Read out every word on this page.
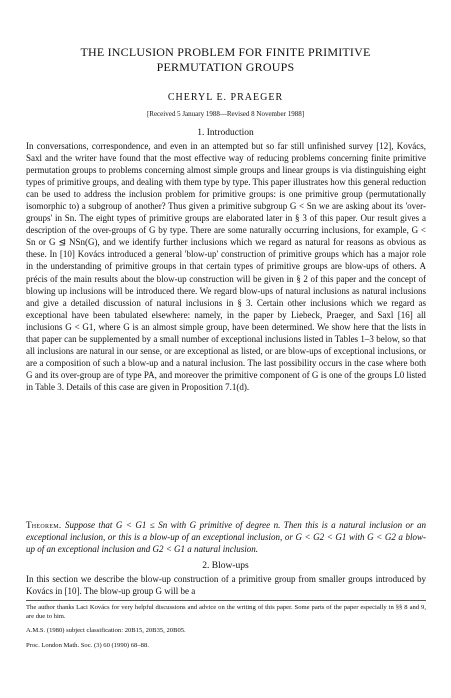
THE INCLUSION PROBLEM FOR FINITE PRIMITIVE
PERMUTATION GROUPS
CHERYL E. PRAEGER
[Received 5 January 1988—Revised 8 November 1988]
1. Introduction
In conversations, correspondence, and even in an attempted but so far still unfinished survey [12], Kovács, Saxl and the writer have found that the most effective way of reducing problems concerning finite primitive permutation groups to problems concerning almost simple groups and linear groups is via distinguishing eight types of primitive groups, and dealing with them type by type. This paper illustrates how this general reduction can be used to address the inclusion problem for primitive groups: is one primitive group (permutationally isomorphic to) a subgroup of another? Thus given a primitive subgroup G < Sn we are asking about its 'over-groups' in Sn. The eight types of primitive groups are elaborated later in § 3 of this paper. Our result gives a description of the over-groups of G by type. There are some naturally occurring inclusions, for example, G < Sn or G ⊴ NSn(G), and we identify further inclusions which we regard as natural for reasons as obvious as these. In [10] Kovács introduced a general 'blow-up' construction of primitive groups which has a major role in the understanding of primitive groups in that certain types of primitive groups are blow-ups of others. A précis of the main results about the blow-up construction will be given in § 2 of this paper and the concept of blowing up inclusions will be introduced there. We regard blow-ups of natural inclusions as natural inclusions and give a detailed discussion of natural inclusions in § 3. Certain other inclusions which we regard as exceptional have been tabulated elsewhere: namely, in the paper by Liebeck, Praeger, and Saxl [16] all inclusions G < G1, where G is an almost simple group, have been determined. We show here that the lists in that paper can be supplemented by a small number of exceptional inclusions listed in Tables 1–3 below, so that all inclusions are natural in our sense, or are exceptional as listed, or are blow-ups of exceptional inclusions, or are a composition of such a blow-up and a natural inclusion. The last possibility occurs in the case where both G and its over-group are of type PA, and moreover the primitive component of G is one of the groups L0 listed in Table 3. Details of this case are given in Proposition 7.1(d).
Theorem. Suppose that G < G1 ≤ Sn with G primitive of degree n. Then this is a natural inclusion or an exceptional inclusion, or this is a blow-up of an exceptional inclusion, or G < G2 < G1 with G < G2 a blow-up of an exceptional inclusion and G2 < G1 a natural inclusion.
2. Blow-ups
In this section we describe the blow-up construction of a primitive group from smaller groups introduced by Kovács in [10]. The blow-up group G will be a
The author thanks Laci Kovács for very helpful discussions and advice on the writing of this paper. Some parts of the paper especially in §§ 8 and 9, are due to him.
A.M.S. (1980) subject classification: 20B15, 20B35, 20B05.
Proc. London Math. Soc. (3) 60 (1990) 68–88.
